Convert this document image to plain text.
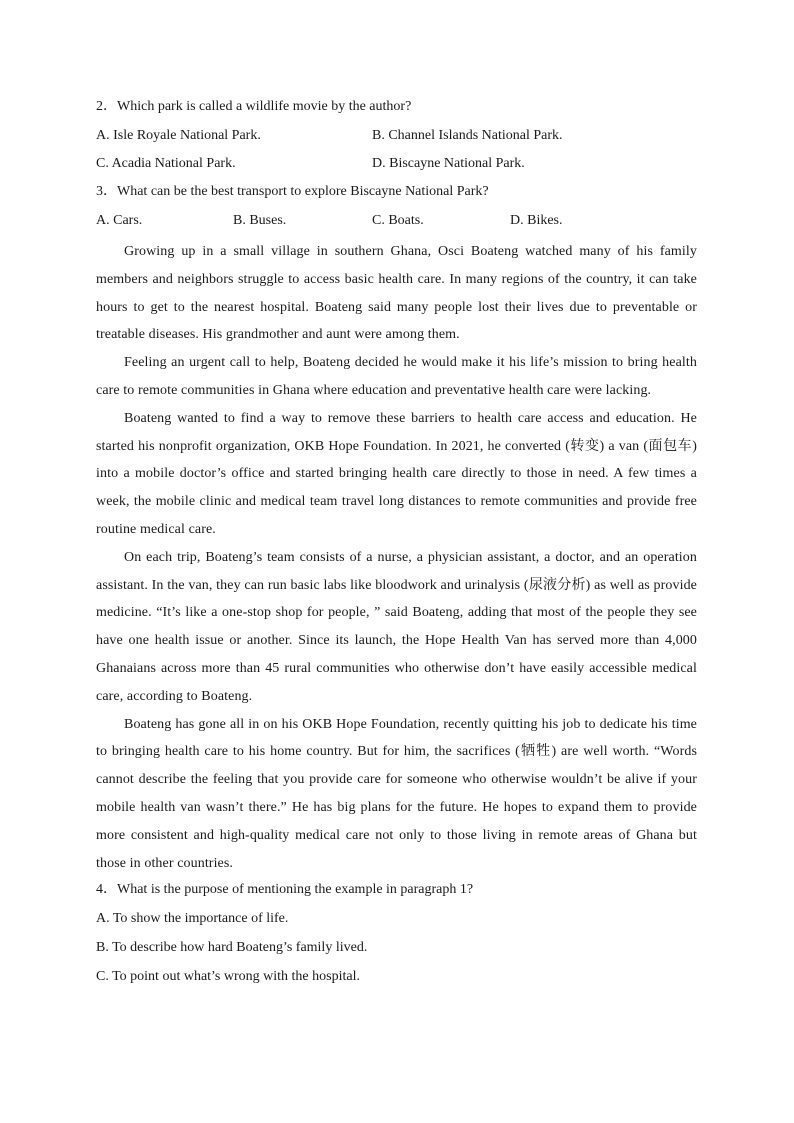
2．Which park is called a wildlife movie by the author?
A. Isle Royale National Park.	B. Channel Islands National Park.
C. Acadia National Park.	D. Biscayne National Park.
3．What can be the best transport to explore Biscayne National Park?
A. Cars.	B. Buses.	C. Boats.	D. Bikes.

Growing up in a small village in southern Ghana, Osci Boateng watched many of his family members and neighbors struggle to access basic health care. In many regions of the country, it can take hours to get to the nearest hospital. Boateng said many people lost their lives due to preventable or treatable diseases. His grandmother and aunt were among them.

Feeling an urgent call to help, Boateng decided he would make it his life’s mission to bring health care to remote communities in Ghana where education and preventative health care were lacking.

Boateng wanted to find a way to remove these barriers to health care access and education. He started his nonprofit organization, OKB Hope Foundation. In 2021, he converted (转变) a van (面包车) into a mobile doctor’s office and started bringing health care directly to those in need. A few times a week, the mobile clinic and medical team travel long distances to remote communities and provide free routine medical care.

On each trip, Boateng’s team consists of a nurse, a physician assistant, a doctor, and an operation assistant. In the van, they can run basic labs like bloodwork and urinalysis (尿液分析) as well as provide medicine. “It’s like a one-stop shop for people, ” said Boateng, adding that most of the people they see have one health issue or another. Since its launch, the Hope Health Van has served more than 4,000 Ghanaians across more than 45 rural communities who otherwise don’t have easily accessible medical care, according to Boateng.

Boateng has gone all in on his OKB Hope Foundation, recently quitting his job to dedicate his time to bringing health care to his home country. But for him, the sacrifices (牺牲) are well worth. “Words cannot describe the feeling that you provide care for someone who otherwise wouldn’t be alive if your mobile health van wasn’t there.” He has big plans for the future. He hopes to expand them to provide more consistent and high-quality medical care not only to those living in remote areas of Ghana but those in other countries.

4．What is the purpose of mentioning the example in paragraph 1?
A. To show the importance of life.
B. To describe how hard Boateng’s family lived.
C. To point out what’s wrong with the hospital.
